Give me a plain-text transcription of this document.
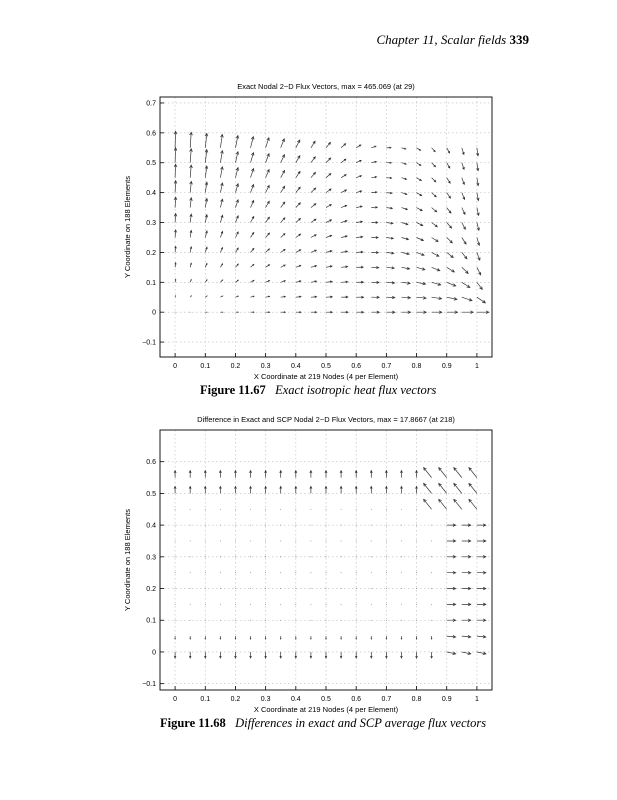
Chapter 11, Scalar fields 339
0	0.1	0.2	0.3	0.4	0.5	0.6	0.7	0.8	0.9	1
−0.1
0
0.1
0.2
0.3
0.4
0.5
0.6
0.7
Exact Nodal 2−D Flux Vectors, max = 465.069 (at 29)
X Coordinate at 219 Nodes (4 per Element)
Y Coordinate on 188 Elements
0	0.1	0.2	0.3	0.4	0.5	0.6	0.7	0.8	0.9	1
−0.1
0
0.1
0.2
0.3
0.4
0.5
0.6
Difference in Exact and SCP Nodal 2−D Flux Vectors, max = 17.8667 (at 218)
X Coordinate at 219 Nodes (4 per Element)
Y Coordinate on 188 Elements
Figure 11.67 Exact isotropic heat flux vectors
Figure 11.68 Differences in exact and SCP average flux vectors
